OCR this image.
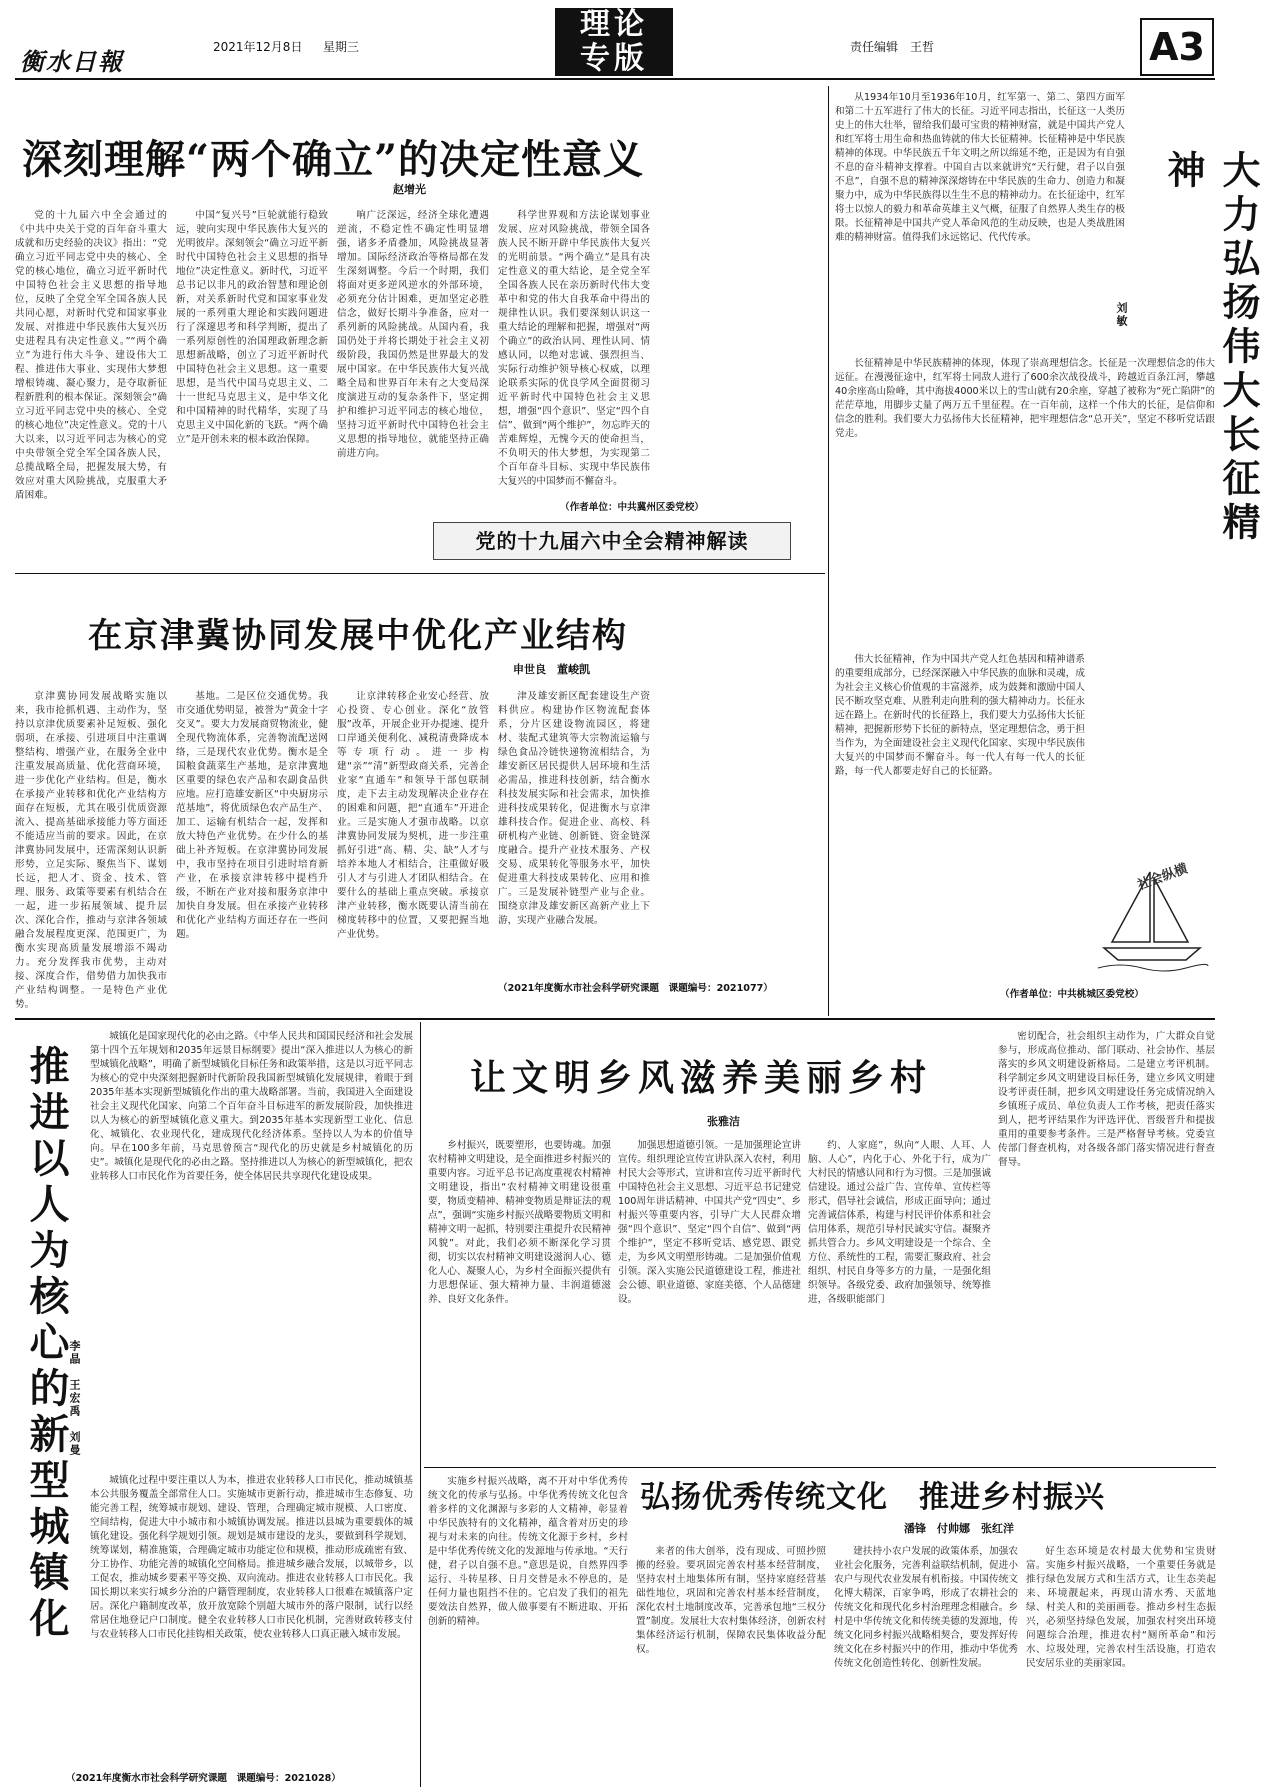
衡水日報	2021年12月8日 星期三
理论专版	责任编辑　王哲	A3
深刻理解“两个确立”的决定性意义
赵增光

党的十九届六中全会通过的《中共中央关于党的百年奋斗重大成就和历史经验的决议》指出：“党确立习近平同志党中央的核心、全党的核心地位，确立习近平新时代中国特色社会主义思想的指导地位，反映了全党全军全国各族人民共同心愿，对新时代党和国家事业发展、对推进中华民族伟大复兴历史进程具有决定性意义。”“两个确立”为进行伟大斗争、建设伟大工程、推进伟大事业、实现伟大梦想增根铸魂、凝心聚力，是夺取新征程新胜利的根本保证。深刻领会“确立习近平同志党中央的核心、全党的核心地位”决定性意义。党的十八大以来，以习近平同志为核心的党中央带领全党全军全国各族人民，总揽战略全局，把握发展大势，有效应对重大风险挑战，克服重大矛盾困难。

中国“复兴号”巨轮就能行稳致远，驶向实现中华民族伟大复兴的光明彼岸。深刻领会“确立习近平新时代中国特色社会主义思想的指导地位”决定性意义。新时代，习近平总书记以非凡的政治智慧和理论创新，对关系新时代党和国家事业发展的一系列重大理论和实践问题进行了深邃思考和科学判断，提出了一系列原创性的治国理政新理念新思想新战略，创立了习近平新时代中国特色社会主义思想。这一重要思想，是当代中国马克思主义、二十一世纪马克思主义，是中华文化和中国精神的时代精华，实现了马克思主义中国化新的飞跃。“两个确立”是开创未来的根本政治保障。

响广泛深远，经济全球化遭遇逆流，不稳定性不确定性明显增强，诸多矛盾叠加，风险挑战显著增加。国际经济政治等格局都在发生深刻调整。今后一个时期，我们将面对更多逆风逆水的外部环境，必须充分估计困难，更加坚定必胜信念，做好长期斗争准备，应对一系列新的风险挑战。从国内看，我国仍处于并将长期处于社会主义初级阶段，我国仍然是世界最大的发展中国家。在中华民族伟大复兴战略全局和世界百年未有之大变局深度演进互动的复杂条件下，坚定拥护和维护习近平同志的核心地位，坚持习近平新时代中国特色社会主义思想的指导地位，就能坚持正确前进方向。

科学世界观和方法论谋划事业发展、应对风险挑战，带领全国各族人民不断开辟中华民族伟大复兴的光明前景。“两个确立”是具有决定性意义的重大结论，是全党全军全国各族人民在亲历新时代伟大变革中和党的伟大自我革命中得出的规律性认识。我们要深刻认识这一重大结论的理解和把握，增强对“两个确立”的政治认同、理性认同、情感认同，以绝对忠诚、强烈担当、实际行动维护领导核心权威，以理论联系实际的优良学风全面贯彻习近平新时代中国特色社会主义思想，增强“四个意识”、坚定“四个自信”、做到“两个维护”，勿忘昨天的苦难辉煌，无愧今天的使命担当，不负明天的伟大梦想，为实现第二个百年奋斗目标、实现中华民族伟大复兴的中国梦而不懈奋斗。

（作者单位：中共冀州区委党校）
党的十九届六中全会精神解读
在京津冀协同发展中优化产业结构
申世良　董峻凯

京津冀协同发展战略实施以来，我市抢抓机遇、主动作为，坚持以京津优质要素补足短板、强化弱项，在承接、引进项目中注重调整结构、增强产业，在服务全业中注重发展高质量、优化营商环境，进一步优化产业结构。但是，衡水在承接产业转移和优化产业结构方面存在短板，尤其在吸引优质资源流入、提高基础承接能力等方面还不能适应当前的要求。因此，在京津冀协同发展中，还需深刻认识新形势，立足实际、聚焦当下、谋划长远，把人才、资金、技术、管理、服务、政策等要素有机结合在一起，进一步拓展领域、提升层次、深化合作，推动与京津各领域融合发展程度更深、范围更广，为衡水实现高质量发展增添不竭动力。充分发挥我市优势，主动对接、深度合作，借势借力加快我市产业结构调整。一是特色产业优势。

基地。二是区位交通优势。我市交通优势明显，被誉为“黄金十字交叉”。要大力发展商贸物流业，健全现代物流体系，完善物流配送网络，三是现代农业优势。衡水是全国粮食蔬菜生产基地，是京津冀地区重要的绿色农产品和农副食品供应地。应打造雄安新区“中央厨房示范基地”，将优质绿色农产品生产、加工、运输有机结合一起，发挥和放大特色产业优势。在少什么的基础上补齐短板。在京津冀协同发展中，我市坚持在项目引进时培育新产业，在承接京津转移中提档升级，不断在产业对接和服务京津中加快自身发展。但在承接产业转移和优化产业结构方面还存在一些问题。

让京津转移企业安心经营、放心投资、专心创业。深化“放管服”改革，开展企业开办提速、提升口岸通关便利化、减税清费降成本等专项行动。进一步构建“亲”“清”新型政商关系，完善企业家“直通车”和领导干部包联制度，走下去主动发现解决企业存在的困难和问题，把“直通车”开进企业。三是实施人才强市战略。以京津冀协同发展为契机，进一步注重抓好引进“高、精、尖、缺”人才与培养本地人才相结合，注重做好吸引人才与引进人才团队相结合。在要什么的基础上重点突破。承接京津产业转移，衡水既要认清当前在梯度转移中的位置，又要把握当地产业优势。

津及雄安新区配套建设生产资料供应。构建协作区物流配套体系，分片区建设物流园区，将建材、装配式建筑等大宗物流运输与绿色食品冷链快递物流相结合，为雄安新区居民提供人居环境和生活必需品，推进科技创新，结合衡水科技发展实际和社会需求，加快推进科技成果转化，促进衡水与京津雄科技合作。促进企业、高校、科研机构产业链、创新链、资金链深度融合。提升产业技术服务、产权交易、成果转化等服务水平，加快促进重大科技成果转化、应用和推广。三是发展补链型产业与企业。围绕京津及雄安新区高新产业上下游，实现产业融合发展。

（2021年度衡水市社会科学研究课题　课题编号：2021077）
大力弘扬伟大长征精神
刘敏

从1934年10月至1936年10月，红军第一、第二、第四方面军和第二十五军进行了伟大的长征。习近平同志指出，长征这一人类历史上的伟大壮举，留给我们最可宝贵的精神财富，就是中国共产党人和红军将士用生命和热血铸就的伟大长征精神。长征精神是中华民族精神的体现。中华民族五千年文明之所以绵延不绝，正是因为有自强不息的奋斗精神支撑着。中国自古以来就讲究“天行健，君子以自强不息”，自强不息的精神深深熔铸在中华民族的生命力、创造力和凝聚力中，成为中华民族得以生生不息的精神动力。在长征途中，红军将士以惊人的毅力和革命英雄主义气概，征服了自然界人类生存的极限。长征精神是中国共产党人革命风范的生动反映，也是人类战胜困难的精神财富。值得我们永远铭记、代代传承。

长征精神是中华民族精神的体现，体现了崇高理想信念。长征是一次理想信念的伟大远征。在漫漫征途中，红军将士同敌人进行了600余次战役战斗，跨越近百条江河，攀越40余座高山险峰，其中海拔4000米以上的雪山就有20余座，穿越了被称为“死亡陷阱”的茫茫草地，用脚步丈量了两万五千里征程。在一百年前，这样一个伟大的长征，是信仰和信念的胜利。我们要大力弘扬伟大长征精神，把牢理想信念“总开关”，坚定不移听党话跟党走。

伟大长征精神，作为中国共产党人红色基因和精神谱系的重要组成部分，已经深深融入中华民族的血脉和灵魂，成为社会主义核心价值观的丰富滋养，成为鼓舞和激励中国人民不断攻坚克难、从胜利走向胜利的强大精神动力。长征永远在路上。在新时代的长征路上，我们要大力弘扬伟大长征精神，把握新形势下长征的新特点，坚定理想信念，勇于担当作为，为全面建设社会主义现代化国家、实现中华民族伟大复兴的中国梦而不懈奋斗。每一代人有每一代人的长征路，每一代人都要走好自己的长征路。

社会纵横
（作者单位：中共桃城区委党校）
推进以人为核心的新型城镇化
李晶　王宏禹　刘曼

城镇化是国家现代化的必由之路。《中华人民共和国国民经济和社会发展第十四个五年规划和2035年远景目标纲要》提出“深入推进以人为核心的新型城镇化战略”，明确了新型城镇化目标任务和政策举措，这是以习近平同志为核心的党中央深刻把握新时代新阶段我国新型城镇化发展规律，着眼于到2035年基本实现新型城镇化作出的重大战略部署。当前，我国进入全面建设社会主义现代化国家、向第二个百年奋斗目标进军的新发展阶段，加快推进以人为核心的新型城镇化意义重大。到2035年基本实现新型工业化、信息化、城镇化、农业现代化，建成现代化经济体系。坚持以人为本的价值导向。早在100多年前，马克思曾预言“现代化的历史就是乡村城镇化的历史”。城镇化是现代化的必由之路。坚持推进以人为核心的新型城镇化，把农业转移人口市民化作为首要任务，使全体居民共享现代化建设成果。

城镇化过程中要注重以人为本，推进农业转移人口市民化，推动城镇基本公共服务覆盖全部常住人口。实施城市更新行动，推进城市生态修复、功能完善工程，统筹城市规划、建设、管理，合理确定城市规模、人口密度、空间结构，促进大中小城市和小城镇协调发展。推进以县城为重要载体的城镇化建设。强化科学规划引领。规划是城市建设的龙头，要做到科学规划，统筹谋划，精准施策，合理确定城市功能定位和规模，推动形成疏密有致、分工协作、功能完善的城镇化空间格局。推进城乡融合发展，以城带乡，以工促农，推动城乡要素平等交换、双向流动。推进农业转移人口市民化。我国长期以来实行城乡分治的户籍管理制度，农业转移人口很难在城镇落户定居。深化户籍制度改革，放开放宽除个别超大城市外的落户限制，试行以经常居住地登记户口制度。健全农业转移人口市民化机制，完善财政转移支付与农业转移人口市民化挂钩相关政策，使农业转移人口真正融入城市发展。

（2021年度衡水市社会科学研究课题　课题编号：2021028）
让文明乡风滋养美丽乡村
张雅洁

乡村振兴，既要塑形，也要铸魂。加强农村精神文明建设，是全面推进乡村振兴的重要内容。习近平总书记高度重视农村精神文明建设，指出“农村精神文明建设很重要，物质变精神、精神变物质是辩证法的观点”，强调“实施乡村振兴战略要物质文明和精神文明一起抓，特别要注重提升农民精神风貌”。对此，我们必须不断深化学习贯彻，切实以农村精神文明建设滋润人心、德化人心、凝聚人心，为乡村全面振兴提供有力思想保证、强大精神力量、丰润道德滋养、良好文化条件。

加强思想道德引领。一是加强理论宣讲宣传。组织理论宣传宣讲队深入农村，利用村民大会等形式，宣讲和宣传习近平新时代中国特色社会主义思想、习近平总书记建党100周年讲话精神、中国共产党“四史”、乡村振兴等重要内容，引导广大人民群众增强“四个意识”、坚定“四个自信”、做到“两个维护”，坚定不移听党话、感党恩、跟党走，为乡风文明塑形铸魂。二是加强价值观引领。深入实施公民道德建设工程，推进社会公德、职业道德、家庭美德、个人品德建设。

约、人家庭”，纵向“人眼、人耳、人脑、人心”，内化于心、外化于行，成为广大村民的情感认同和行为习惯。三是加强诚信建设。通过公益广告、宣传单、宣传栏等形式，倡导社会诚信，形成正面导向；通过完善诚信体系，构建与村民评价体系和社会信用体系，规范引导村民诚实守信。凝聚齐抓共管合力。乡风文明建设是一个综合、全方位、系统性的工程，需要汇聚政府、社会组织、村民自身等多方的力量，一是强化组织领导。各级党委、政府加强领导、统筹推进，各级职能部门

密切配合，社会组织主动作为，广大群众自觉参与，形成高位推动、部门联动、社会协作、基层落实的乡风文明建设新格局。二是建立考评机制。科学制定乡风文明建设目标任务，建立乡风文明建设考评责任制，把乡风文明建设任务完成情况纳入乡镇班子成员、单位负责人工作考核，把责任落实到人，把考评结果作为评选评优、晋级晋升和提拔重用的重要参考条件。三是严格督导考核。党委宣传部门督查机构，对各级各部门落实情况进行督查督导。

弘扬优秀传统文化　推进乡村振兴
潘锋　付帅娜　张红洋

实施乡村振兴战略，离不开对中华优秀传统文化的传承与弘扬。中华优秀传统文化包含着多样的文化渊源与多彩的人文精神，彰显着中华民族特有的文化精神，蕴含着对历史的珍视与对未来的向往。传统文化源于乡村，乡村是中华优秀传统文化的发源地与传承地。“天行健，君子以自强不息。”意思是说，自然界四季运行、斗转星移、日月交替是永不停息的，是任何力量也阻挡不住的。它启发了我们的祖先要效法自然界，做人做事要有不断进取、开拓创新的精神。

来者的伟大创举，没有现成、可照抄照搬的经验。要巩固完善农村基本经营制度，坚持农村土地集体所有制，坚持家庭经营基础性地位，巩固和完善农村基本经营制度，深化农村土地制度改革，完善承包地“三权分置”制度。发展壮大农村集体经济，创新农村集体经济运行机制，保障农民集体收益分配权。

建扶持小农户发展的政策体系，加强农业社会化服务，完善利益联结机制，促进小农户与现代农业发展有机衔接。中国传统文化博大精深，百家争鸣，形成了农耕社会的传统文化和现代化乡村治理理念相融合。乡村是中华传统文化和传统美德的发源地，传统文化同乡村振兴战略相契合，要发挥好传统文化在乡村振兴中的作用，推动中华优秀传统文化创造性转化、创新性发展。

好生态环境是农村最大优势和宝贵财富。实施乡村振兴战略，一个重要任务就是推行绿色发展方式和生活方式，让生态美起来、环境靓起来，再现山清水秀、天蓝地绿、村美人和的美丽画卷。推动乡村生态振兴，必须坚持绿色发展，加强农村突出环境问题综合治理，推进农村“厕所革命”和污水、垃圾处理，完善农村生活设施，打造农民安居乐业的美丽家园。
